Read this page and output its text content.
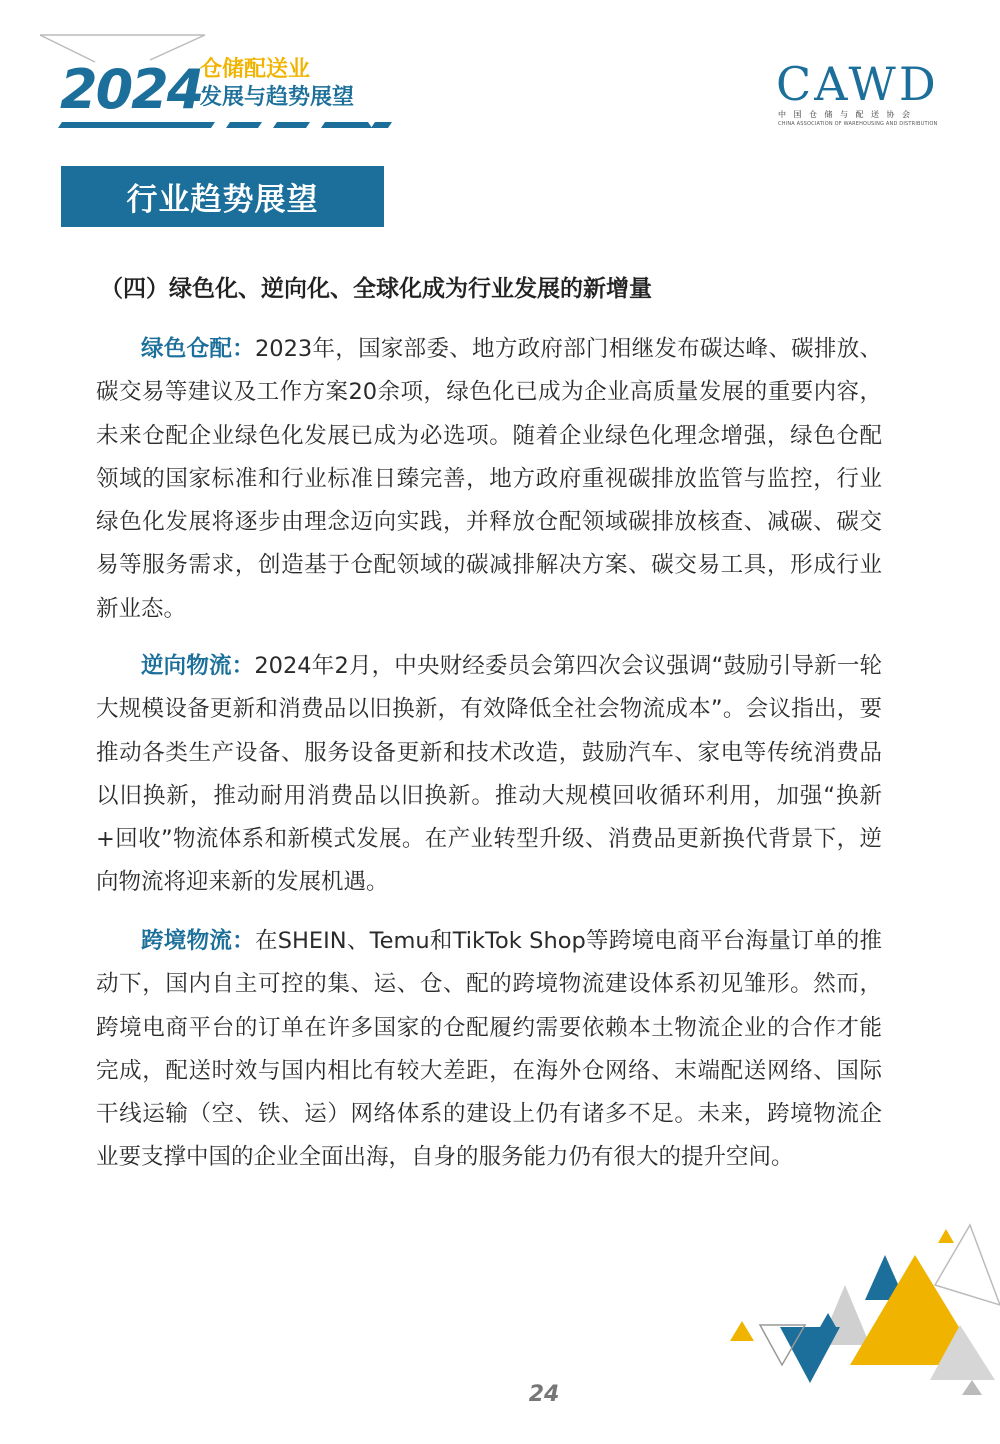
2024
仓储配送业
发展与趋势展望	CAWD
中国仓储与配送协会
CHINA ASSOCIATION OF WAREHOUSING AND DISTRIBUTION
行业趋势展望
（四）绿色化、逆向化、全球化成为行业发展的新增量

绿色仓配：2023年，国家部委、地方政府部门相继发布碳达峰、碳排放、碳交易等建议及工作方案20余项，绿色化已成为企业高质量发展的重要内容，未来仓配企业绿色化发展已成为必选项。随着企业绿色化理念增强，绿色仓配领域的国家标准和行业标准日臻完善，地方政府重视碳排放监管与监控，行业绿色化发展将逐步由理念迈向实践，并释放仓配领域碳排放核查、减碳、碳交易等服务需求，创造基于仓配领域的碳减排解决方案、碳交易工具，形成行业新业态。

逆向物流：2024年2月，中央财经委员会第四次会议强调“鼓励引导新一轮大规模设备更新和消费品以旧换新，有效降低全社会物流成本”。会议指出，要推动各类生产设备、服务设备更新和技术改造，鼓励汽车、家电等传统消费品以旧换新，推动耐用消费品以旧换新。推动大规模回收循环利用，加强“换新+回收”物流体系和新模式发展。在产业转型升级、消费品更新换代背景下，逆向物流将迎来新的发展机遇。

跨境物流：在SHEIN、Temu和TikTok Shop等跨境电商平台海量订单的推动下，国内自主可控的集、运、仓、配的跨境物流建设体系初见雏形。然而，跨境电商平台的订单在许多国家的仓配履约需要依赖本土物流企业的合作才能完成，配送时效与国内相比有较大差距，在海外仓网络、末端配送网络、国际干线运输（空、铁、运）网络体系的建设上仍有诸多不足。未来，跨境物流企业要支撑中国的企业全面出海，自身的服务能力仍有很大的提升空间。

24
